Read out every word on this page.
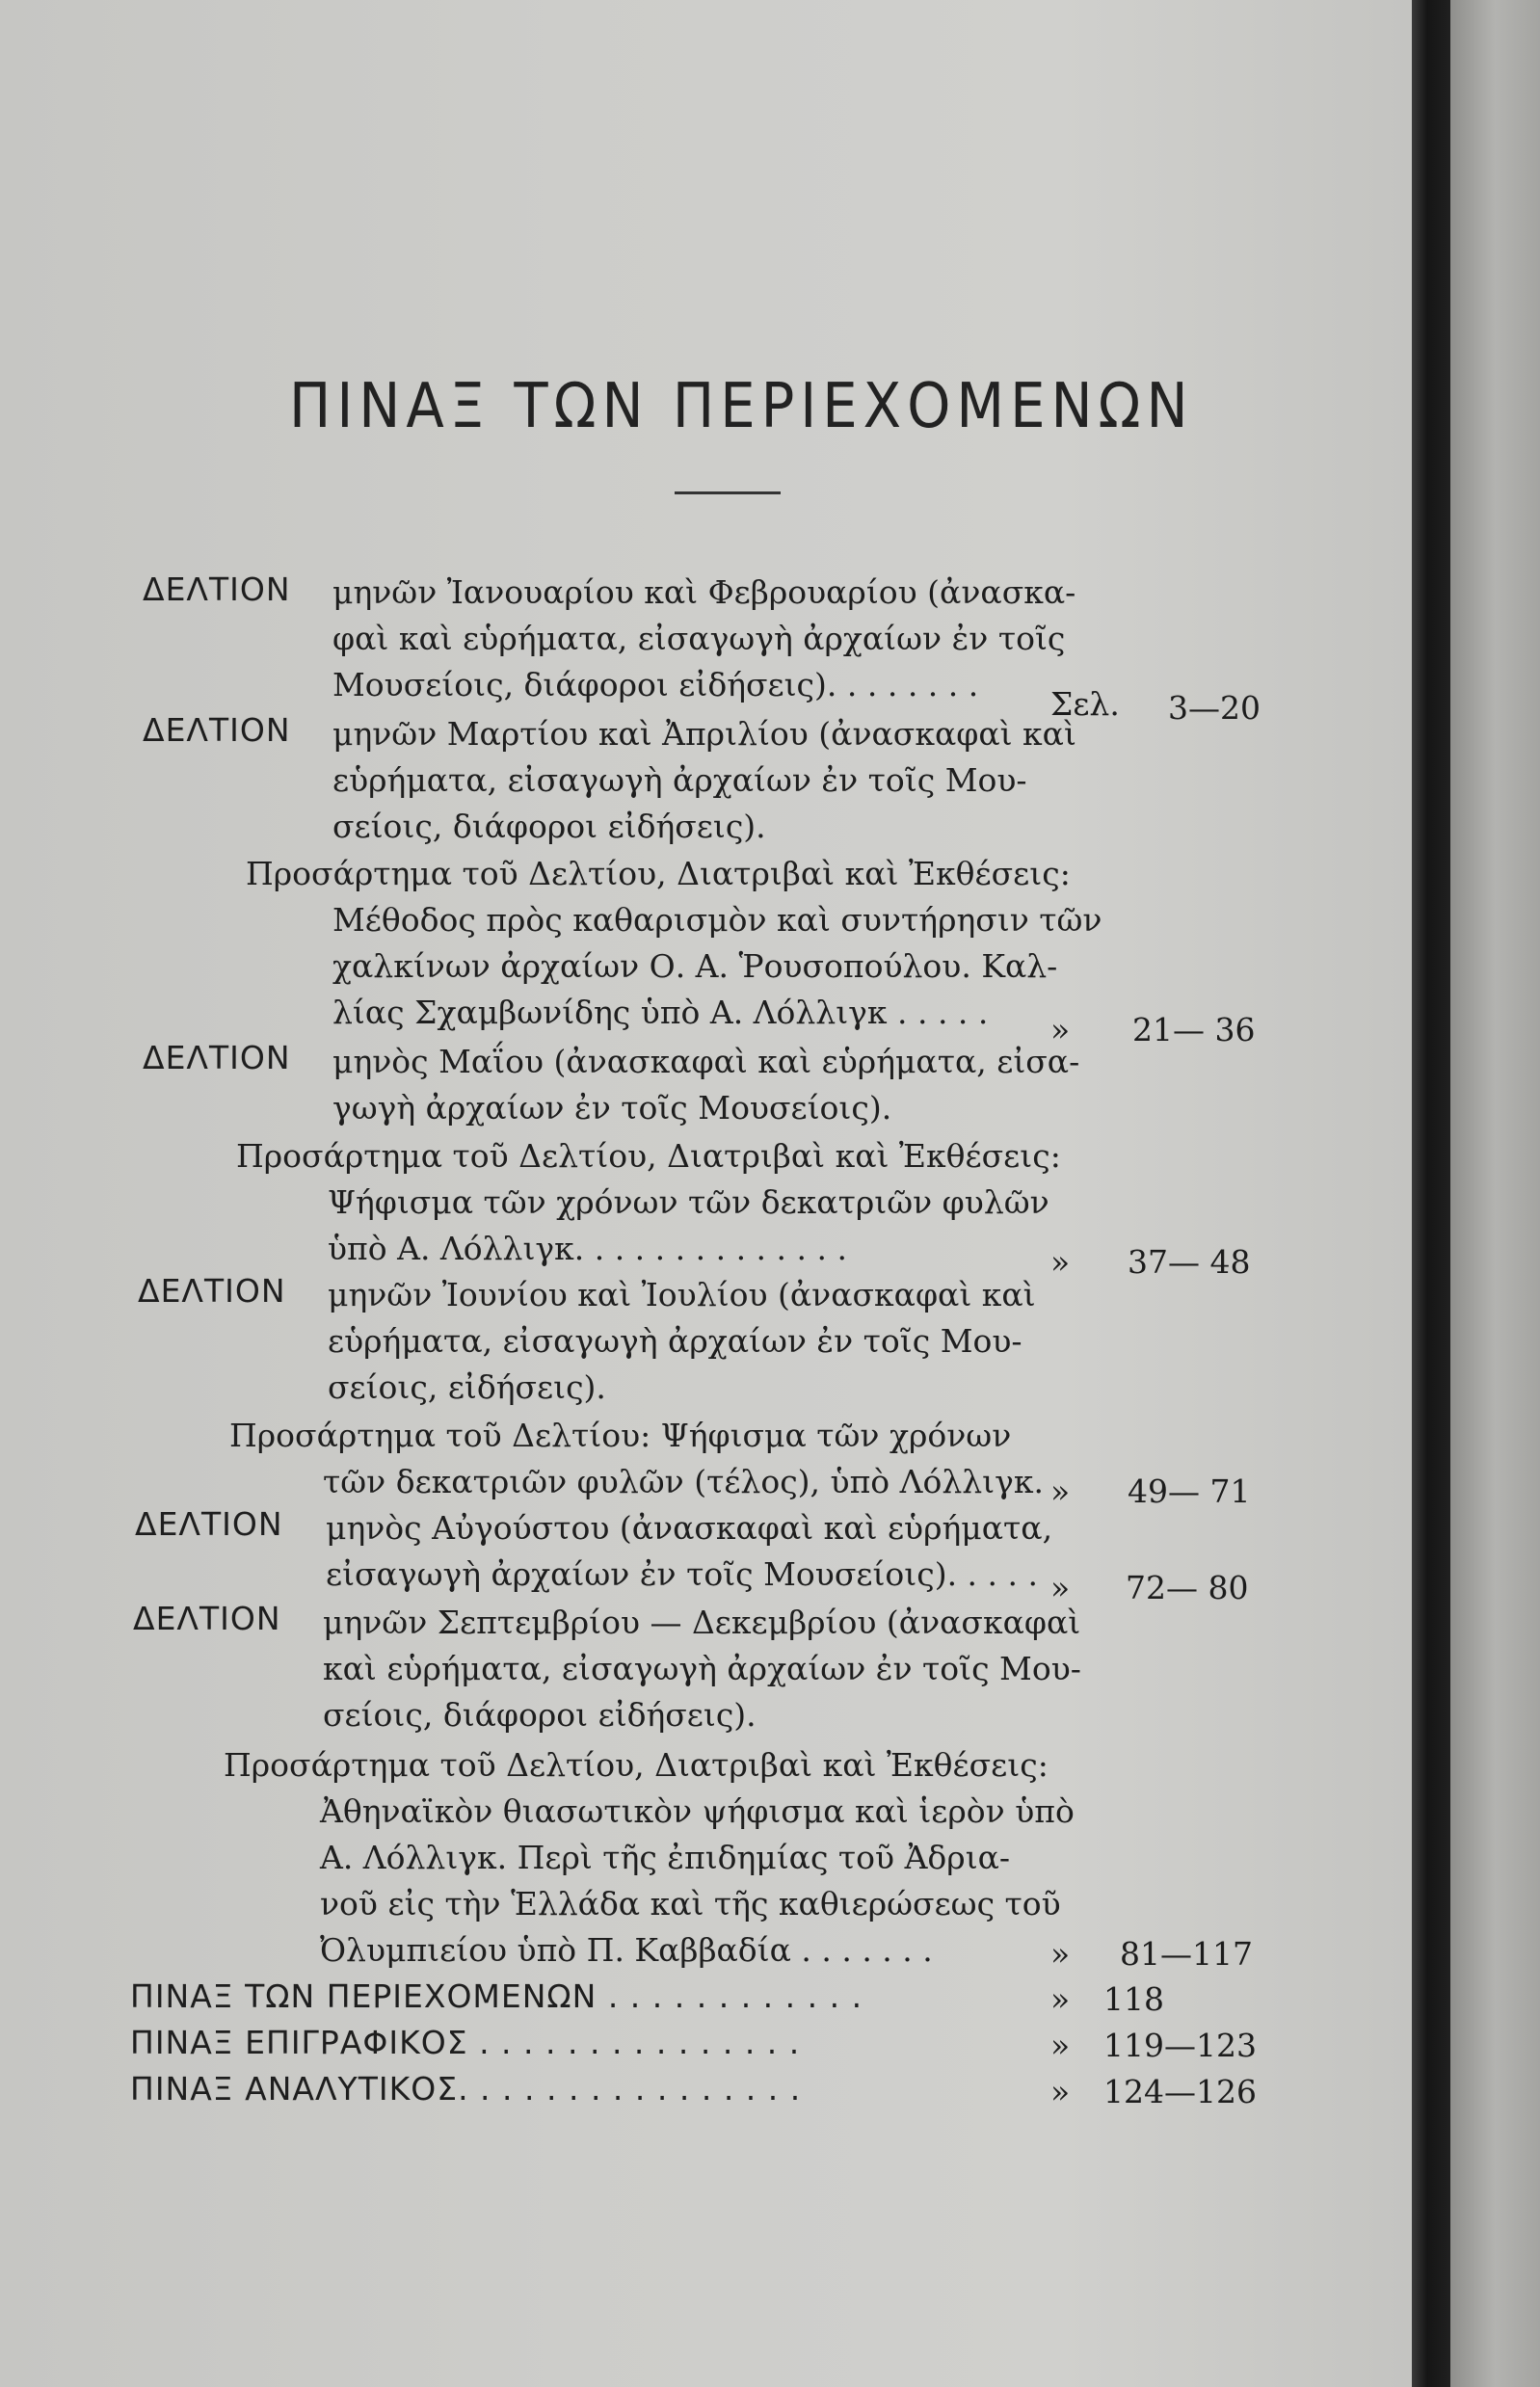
ΠΙΝΑΞ ΤΩΝ ΠΕΡΙΕΧΟΜΕΝΩΝ
ΔΕΛΤΙΟΝ μηνῶν Ἰανουαρίου καὶ Φεβρουαρίου (ἀνασκα-
φαὶ καὶ εὑρήματα, εἰσαγωγὴ ἀρχαίων ἐν τοῖς
Μουσείοις, διάφοροι εἰδήσεις). . . . . . . .
Σελ. 3—20
ΔΕΛΤΙΟΝ μηνῶν Μαρτίου καὶ Ἀπριλίου (ἀνασκαφαὶ καὶ
εὑρήματα, εἰσαγωγὴ ἀρχαίων ἐν τοῖς Μου-
σείοις, διάφοροι εἰδήσεις).
Προσάρτημα τοῦ Δελτίου, Διατριβαὶ καὶ Ἐκθέσεις:
Μέθοδος πρὸς καθαρισμὸν καὶ συντήρησιν τῶν
χαλκίνων ἀρχαίων Ο. Α. Ῥουσοπούλου. Καλ-
λίας Σχαμβωνίδης ὑπὸ Α. Λόλλιγκ . . . . . » 21— 36
ΔΕΛΤΙΟΝ μηνὸς Μαΐου (ἀνασκαφαὶ καὶ εὑρήματα, εἰσα-
γωγὴ ἀρχαίων ἐν τοῖς Μουσείοις).
Προσάρτημα τοῦ Δελτίου, Διατριβαὶ καὶ Ἐκθέσεις:
Ψήφισμα τῶν χρόνων τῶν δεκατριῶν φυλῶν
ὑπὸ Α. Λόλλιγκ. . . . . . . . . . . . . .	» 37— 48
ΔΕΛΤΙΟΝ μηνῶν Ἰουνίου καὶ Ἰουλίου (ἀνασκαφαὶ καὶ
εὑρήματα, εἰσαγωγὴ ἀρχαίων ἐν τοῖς Μου-
σείοις, εἰδήσεις).
Προσάρτημα τοῦ Δελτίου: Ψήφισμα τῶν χρόνων
τῶν δεκατριῶν φυλῶν (τέλος), ὑπὸ Λόλλιγκ. » 49— 71
ΔΕΛΤΙΟΝ μηνὸς Αὐγούστου (ἀνασκαφαὶ καὶ εὑρήματα,
εἰσαγωγὴ ἀρχαίων ἐν τοῖς Μουσείοις). . . . . » 72— 80
ΔΕΛΤΙΟΝ μηνῶν Σεπτεμβρίου — Δεκεμβρίου (ἀνασκαφαὶ
καὶ εὑρήματα, εἰσαγωγὴ ἀρχαίων ἐν τοῖς Μου-
σείοις, διάφοροι εἰδήσεις).
Προσάρτημα τοῦ Δελτίου, Διατριβαὶ καὶ Ἐκθέσεις:
Ἀθηναϊκὸν θιασωτικὸν ψήφισμα καὶ ἱερὸν ὑπὸ
Α. Λόλλιγκ. Περὶ τῆς ἐπιδημίας τοῦ Ἀδρια-
νοῦ εἰς τὴν Ἑλλάδα καὶ τῆς καθιερώσεως τοῦ
Ὀλυμπιείου ὑπὸ Π. Καββαδία . . . . . . .	» 81—117
ΠΙΝΑΞ ΤΩΝ ΠΕΡΙΕΧΟΜΕΝΩΝ . . . . . . . . . . . .	» 118
ΠΙΝΑΞ ΕΠΙΓΡΑΦΙΚΟΣ . . . . . . . . . . . . . . .	» 119—123
ΠΙΝΑΞ ΑΝΑΛΥΤΙΚΟΣ. . . . . . . . . . . . . . . .	» 124—126
